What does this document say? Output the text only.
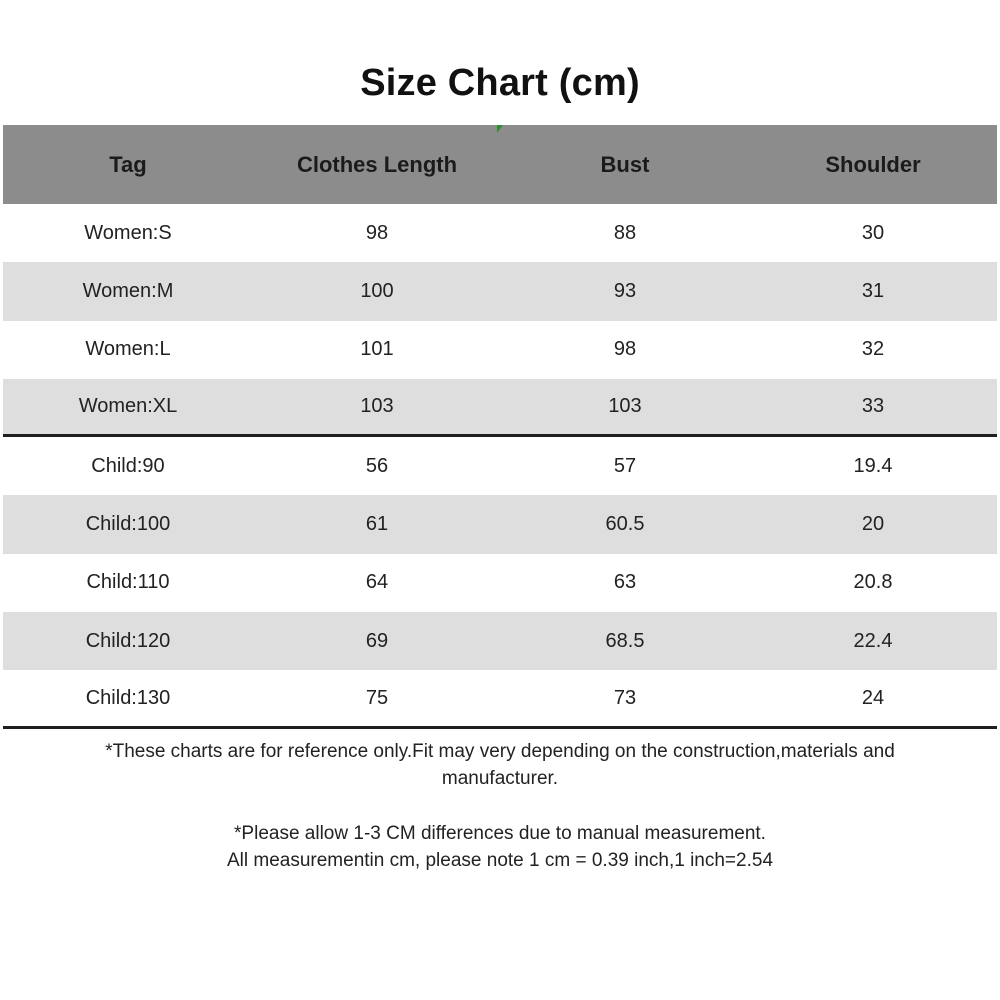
Size Chart (cm)
Tag	Clothes Length	Bust	Shoulder
Women:S	98	88	30
Women:M	100	93	31
Women:L	101	98	32
Women:XL	103	103	33
Child:90	56	57	19.4
Child:100	61	60.5	20
Child:110	64	63	20.8
Child:120	69	68.5	22.4
Child:130	75	73	24

*These charts are for reference only.Fit may very depending on the construction,materials and

manufacturer.

*Please allow 1-3 CM differences due to manual measurement.

All measurementin cm, please note 1 cm = 0.39 inch,1 inch=2.54
